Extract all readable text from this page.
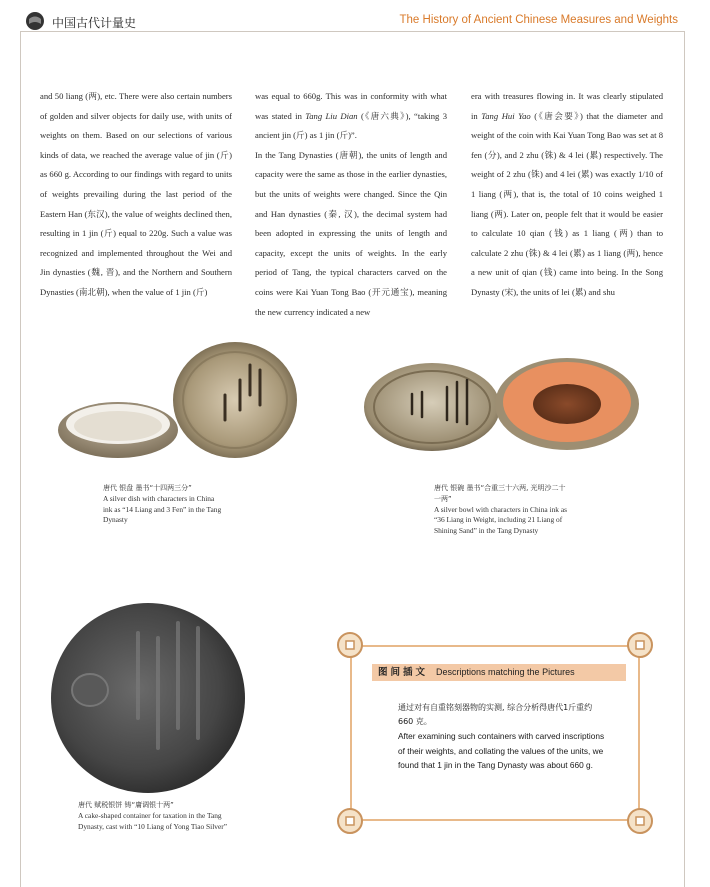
中国古代计量史	The History of Ancient Chinese Measures and Weights

and 50 liang (两), etc. There were also certain numbers of golden and silver objects for daily use, with units of weights on them. Based on our selections of various kinds of data, we reached the average value of jin (斤) as 660 g. According to our findings with regard to units of weights prevailing during the last period of the Eastern Han (东汉), the value of weights declined then, resulting in 1 jin (斤) equal to 220g. Such a value was recognized and implemented throughout the Wei and Jin dynasties (魏, 晋), and the Northern and Southern Dynasties (南北朝), when the value of 1 jin (斤)

was equal to 660g. This was in conformity with what was stated in Tang Liu Dian (《唐六典》), “taking 3 ancient jin (斤) as 1 jin (斤)”.

In the Tang Dynasties (唐朝), the units of length and capacity were the same as those in the earlier dynasties, but the units of weights were changed. Since the Qin and Han dynasties (秦, 汉), the decimal system had been adopted in expressing the units of length and capacity, except the units of weights. In the early period of Tang, the typical characters carved on the coins were Kai Yuan Tong Bao (开元通宝), meaning the new currency indicated a new

era with treasures flowing in. It was clearly stipulated in Tang Hui Yao (《唐会要》) that the diameter and weight of the coin with Kai Yuan Tong Bao was set at 8 fen (分), and 2 zhu (铢) & 4 lei (累) respectively. The weight of 2 zhu (铢) and 4 lei (累) was exactly 1/10 of 1 liang (两), that is, the total of 10 coins weighed 1 liang (两). Later on, people felt that it would be easier to calculate 10 qian (钱) as 1 liang (两) than to calculate 2 zhu (铢) & 4 lei (累) as 1 liang (两), hence a new unit of qian (钱) came into being. In the Song Dynasty (宋), the units of lei (累) and shu

唐代 银盘 墨书“十四两三分”
A silver dish with characters in China ink as “14 Liang and 3 Fen” in the Tang Dynasty
唐代 银碗 墨书“合重三十六两, 光明沙二十一两”
A silver bowl with characters in China ink as “36 Liang in Weight, including 21 Liang of Shining Sand” in the Tang Dynasty
唐代 赋税银饼 铸“庸调银十两”
A cake-shaped container for taxation in the Tang Dynasty, cast with “10 Liang of Yong Tiao Silver”
图间插文 Descriptions matching the Pictures
通过对有自重铭刻器物的实测, 综合分析得唐代1斤重约 660 克。
After examining such containers with carved inscriptions of their weights, and collating the values of the units, we found that 1 jin in the Tang Dynasty was about 660 g.
